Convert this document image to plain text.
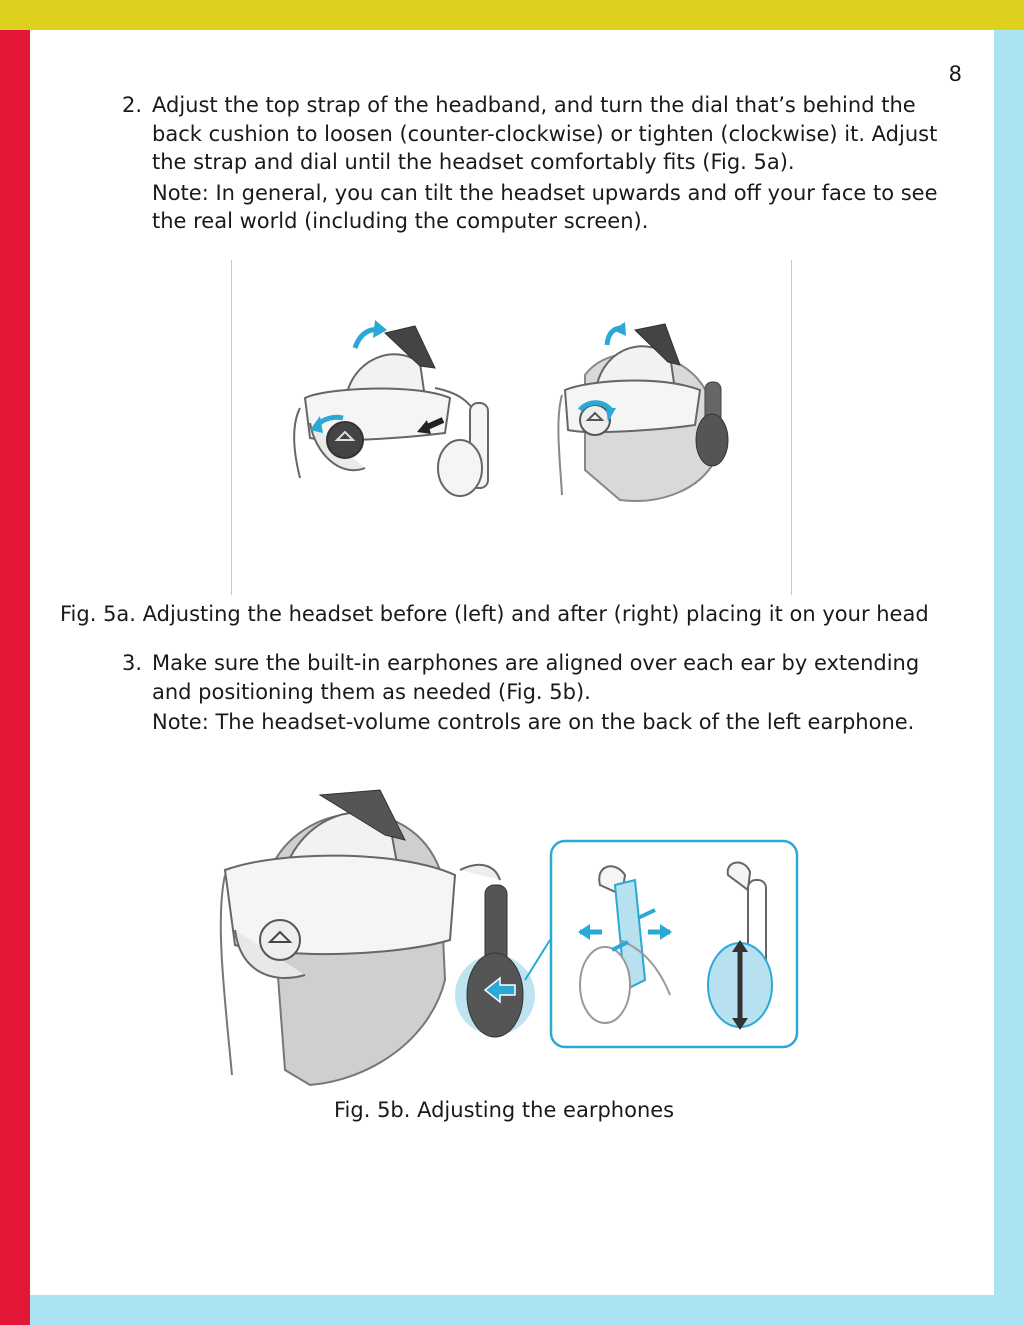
8
2. Adjust the top strap of the headband, and turn the dial that’s behind the back cushion to loosen (counter-clockwise) or tighten (clockwise) it. Adjust the strap and dial until the headset comfortably fits (Fig. 5a).
Note: In general, you can tilt the headset upwards and off your face to see the real world (including the computer screen).
Fig. 5a. Adjusting the headset before (left) and after (right) placing it on your head
3. Make sure the built-in earphones are aligned over each ear by extending and positioning them as needed (Fig. 5b).
Note: The headset-volume controls are on the back of the left earphone.
Fig. 5b. Adjusting the earphones
